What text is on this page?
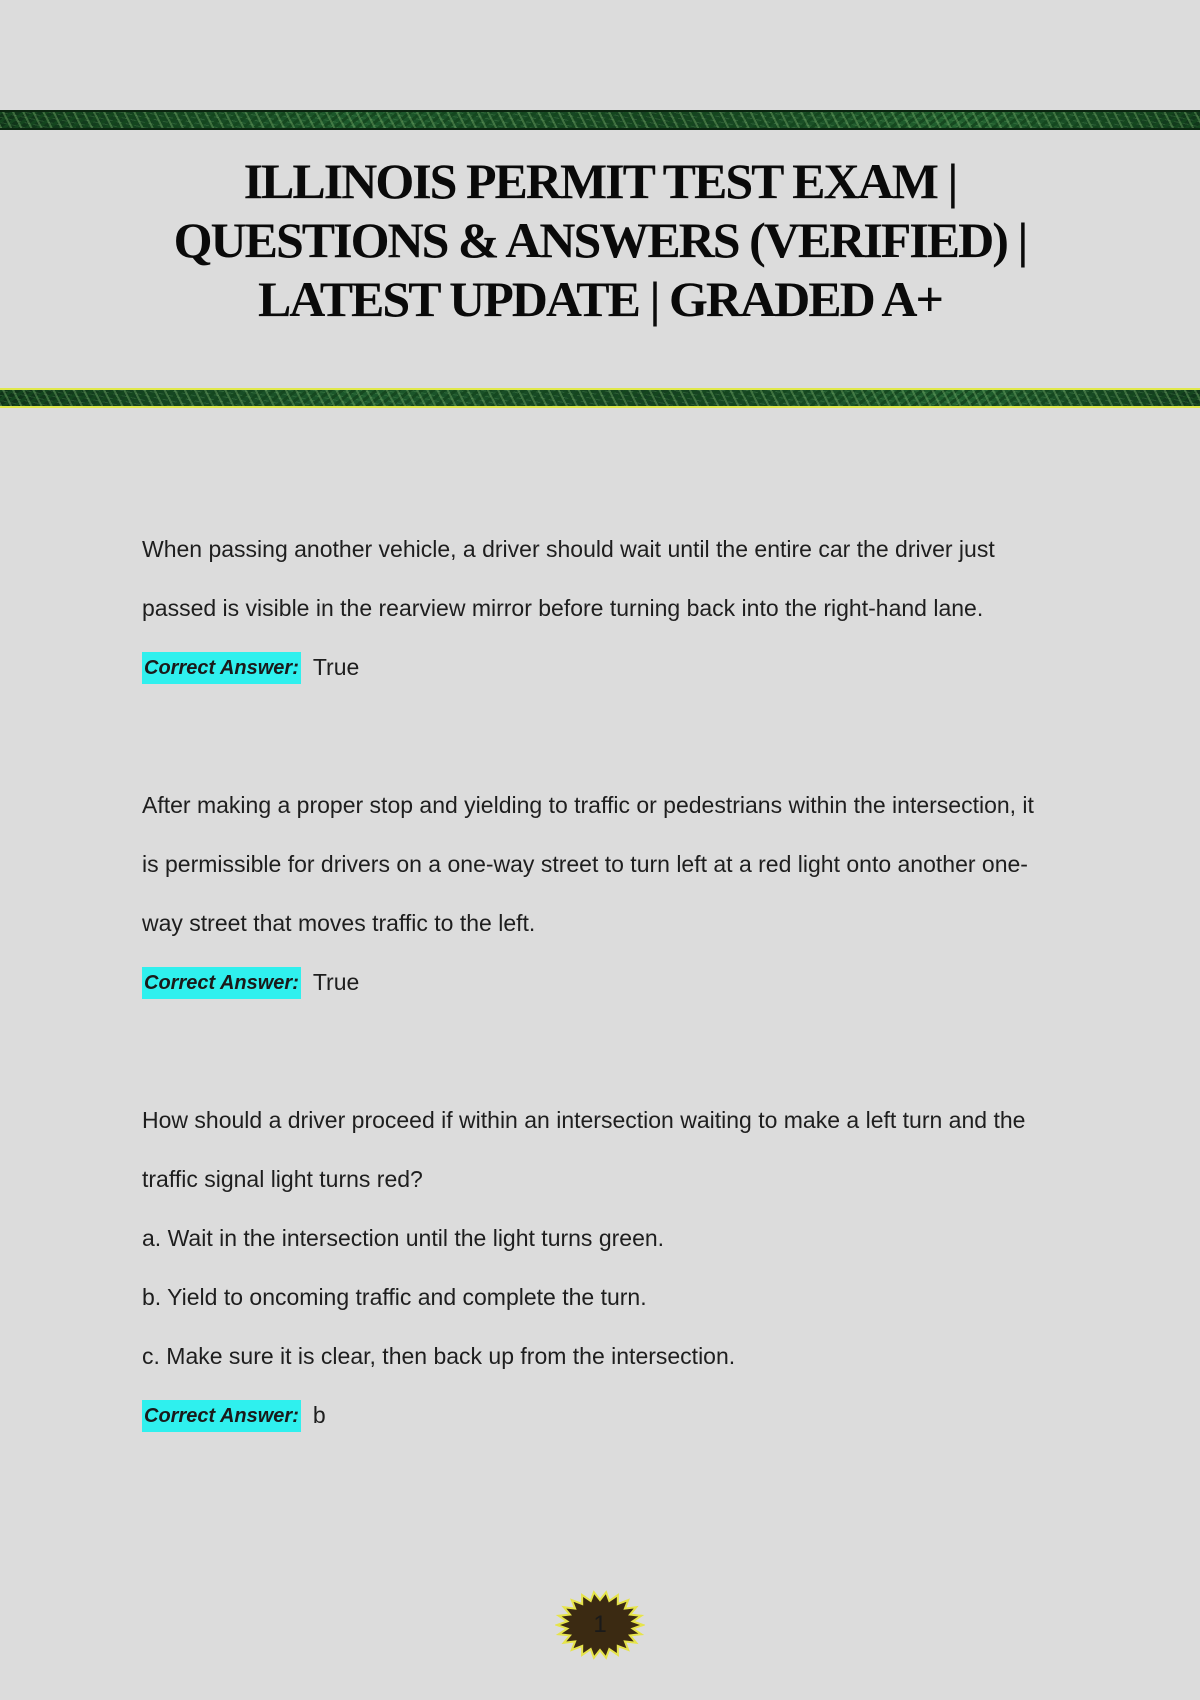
ILLINOIS PERMIT TEST EXAM |
QUESTIONS & ANSWERS (VERIFIED) |
LATEST UPDATE | GRADED A+

When passing another vehicle, a driver should wait until the entire car the driver just

passed is visible in the rearview mirror before turning back into the right-hand lane.

Correct Answer: True

After making a proper stop and yielding to traffic or pedestrians within the intersection, it

is permissible for drivers on a one-way street to turn left at a red light onto another one-

way street that moves traffic to the left.

Correct Answer: True

How should a driver proceed if within an intersection waiting to make a left turn and the

traffic signal light turns red?

a. Wait in the intersection until the light turns green.

b. Yield to oncoming traffic and complete the turn.

c. Make sure it is clear, then back up from the intersection.

Correct Answer: b
1
